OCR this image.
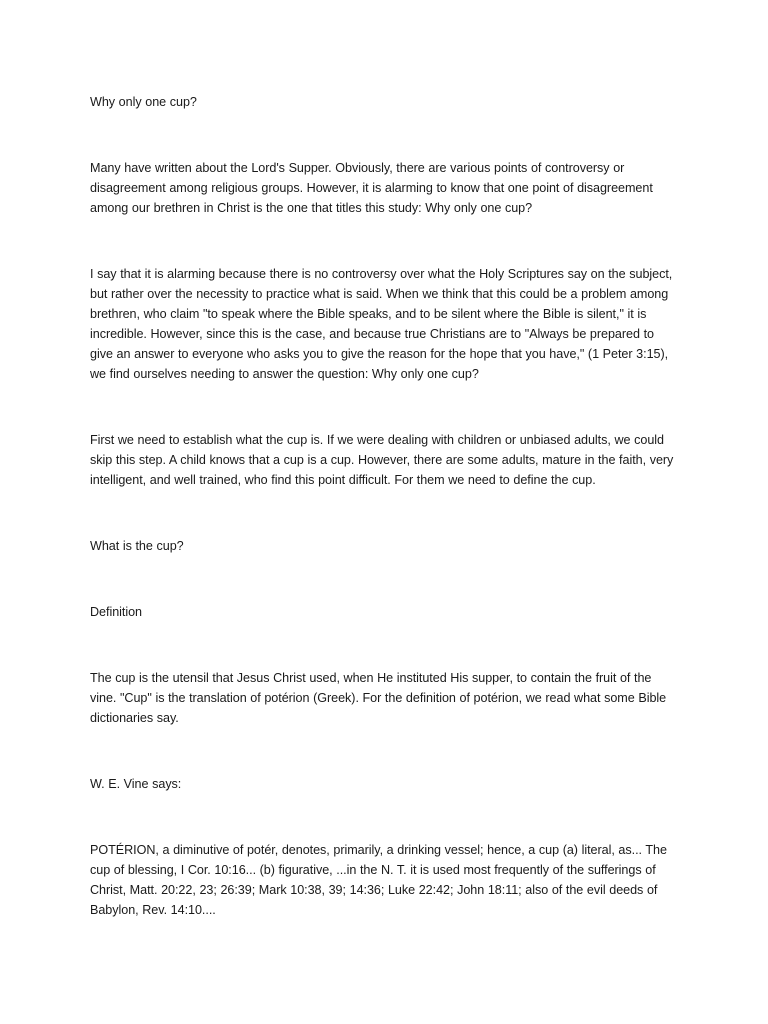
Why only one cup?

Many have written about the Lord's Supper. Obviously, there are various points of controversy or disagreement among religious groups. However, it is alarming to know that one point of disagreement among our brethren in Christ is the one that titles this study: Why only one cup?

I say that it is alarming because there is no controversy over what the Holy Scriptures say on the subject, but rather over the necessity to practice what is said. When we think that this could be a problem among brethren, who claim "to speak where the Bible speaks, and to be silent where the Bible is silent," it is incredible. However, since this is the case, and because true Christians are to "Always be prepared to give an answer to everyone who asks you to give the reason for the hope that you have," (1 Peter 3:15), we find ourselves needing to answer the question: Why only one cup?

First we need to establish what the cup is. If we were dealing with children or unbiased adults, we could skip this step. A child knows that a cup is a cup. However, there are some adults, mature in the faith, very intelligent, and well trained, who find this point difficult. For them we need to define the cup.

What is the cup?

Definition

The cup is the utensil that Jesus Christ used, when He instituted His supper, to contain the fruit of the vine. "Cup" is the translation of potérion (Greek). For the definition of potérion, we read what some Bible dictionaries say.

W. E. Vine says:

POTÉRION, a diminutive of potér, denotes, primarily, a drinking vessel; hence, a cup (a) literal, as... The cup of blessing, I Cor. 10:16... (b) figurative, ...in the N. T. it is used most frequently of the sufferings of Christ, Matt. 20:22, 23; 26:39; Mark 10:38, 39; 14:36; Luke 22:42; John 18:11; also of the evil deeds of Babylon, Rev. 14:10....
